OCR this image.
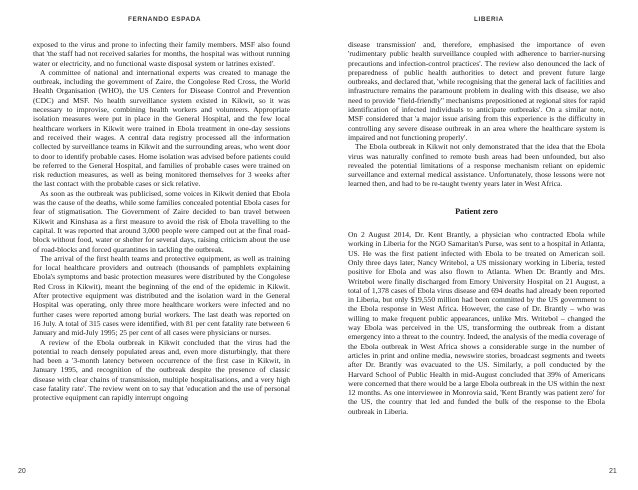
FERNANDO ESPADA

exposed to the virus and prone to infecting their family members. MSF also found that 'the staff had not received salaries for months, the hospital was without running water or electricity, and no functional waste disposal system or latrines existed'.

A committee of national and international experts was created to manage the outbreak, including the government of Zaire, the Congolese Red Cross, the World Health Organisation (WHO), the US Centers for Disease Control and Prevention (CDC) and MSF. No health surveillance system existed in Kikwit, so it was necessary to improvise, combining health workers and volunteers. Appropriate isolation measures were put in place in the General Hospital, and the few local healthcare workers in Kikwit were trained in Ebola treatment in one-day sessions and received their wages. A central data registry processed all the information collected by surveillance teams in Kikwit and the surrounding areas, who went door to door to identify probable cases. Home isolation was advised before patients could be referred to the General Hospital, and families of probable cases were trained on risk reduction measures, as well as being monitored themselves for 3 weeks after the last contact with the probable cases or sick relative.

As soon as the outbreak was publicised, some voices in Kikwit denied that Ebola was the cause of the deaths, while some families concealed potential Ebola cases for fear of stigmatisation. The Government of Zaire decided to ban travel between Kikwit and Kinshasa as a first measure to avoid the risk of Ebola travelling to the capital. It was reported that around 3,000 people were camped out at the final road-block without food, water or shelter for several days, raising criticism about the use of road-blocks and forced quarantines in tackling the outbreak.

The arrival of the first health teams and protective equipment, as well as training for local healthcare providers and outreach (thousands of pamphlets explaining Ebola's symptoms and basic protection measures were distributed by the Congolese Red Cross in Kikwit), meant the beginning of the end of the epidemic in Kikwit. After protective equipment was distributed and the isolation ward in the General Hospital was operating, only three more healthcare workers were infected and no further cases were reported among burial workers. The last death was reported on 16 July. A total of 315 cases were identified, with 81 per cent fatality rate between 6 January and mid-July 1995; 25 per cent of all cases were physicians or nurses.

A review of the Ebola outbreak in Kikwit concluded that the virus had the potential to reach densely populated areas and, even more disturbingly, that there had been a '3-month latency between occurrence of the first case in Kikwit, in January 1995, and recognition of the outbreak despite the presence of classic disease with clear chains of transmission, multiple hospitalisations, and a very high case fatality rate'. The review went on to say that 'education and the use of personal protective equipment can rapidly interrupt ongoing

20
LIBERIA

disease transmission' and, therefore, emphasised the importance of even 'rudimentary public health surveillance coupled with adherence to barrier-nursing precautions and infection-control practices'. The review also denounced the lack of preparedness of public health authorities to detect and prevent future large outbreaks, and declared that, 'while recognising that the general lack of facilities and infrastructure remains the paramount problem in dealing with this disease, we also need to provide "field-friendly" mechanisms prepositioned at regional sites for rapid identification of infected individuals to anticipate outbreaks'. On a similar note, MSF considered that 'a major issue arising from this experience is the difficulty in controlling any severe disease outbreak in an area where the healthcare system is impaired and not functioning properly'.

The Ebola outbreak in Kikwit not only demonstrated that the idea that the Ebola virus was naturally confined to remote bush areas had been unfounded, but also revealed the potential limitations of a response mechanism reliant on epidemic surveillance and external medical assistance. Unfortunately, those lessons were not learned then, and had to be re-taught twenty years later in West Africa.

Patient zero

On 2 August 2014, Dr. Kent Brantly, a physician who contracted Ebola while working in Liberia for the NGO Samaritan's Purse, was sent to a hospital in Atlanta, US. He was the first patient infected with Ebola to be treated on American soil. Only three days later, Nancy Writebol, a US missionary working in Liberia, tested positive for Ebola and was also flown to Atlanta. When Dr. Brantly and Mrs. Writebol were finally discharged from Emory University Hospital on 21 August, a total of 1,378 cases of Ebola virus disease and 694 deaths had already been reported in Liberia, but only $19,550 million had been committed by the US government to the Ebola response in West Africa. However, the case of Dr. Brantly – who was willing to make frequent public appearances, unlike Mrs. Writebol – changed the way Ebola was perceived in the US, transforming the outbreak from a distant emergency into a threat to the country. Indeed, the analysis of the media coverage of the Ebola outbreak in West Africa shows a considerable surge in the number of articles in print and online media, newswire stories, broadcast segments and tweets after Dr. Brantly was evacuated to the US. Similarly, a poll conducted by the Harvard School of Public Health in mid-August concluded that 39% of Americans were concerned that there would be a large Ebola outbreak in the US within the next 12 months. As one interviewee in Monrovia said, 'Kent Brantly was patient zero' for the US, the country that led and funded the bulk of the response to the Ebola outbreak in Liberia.

21
